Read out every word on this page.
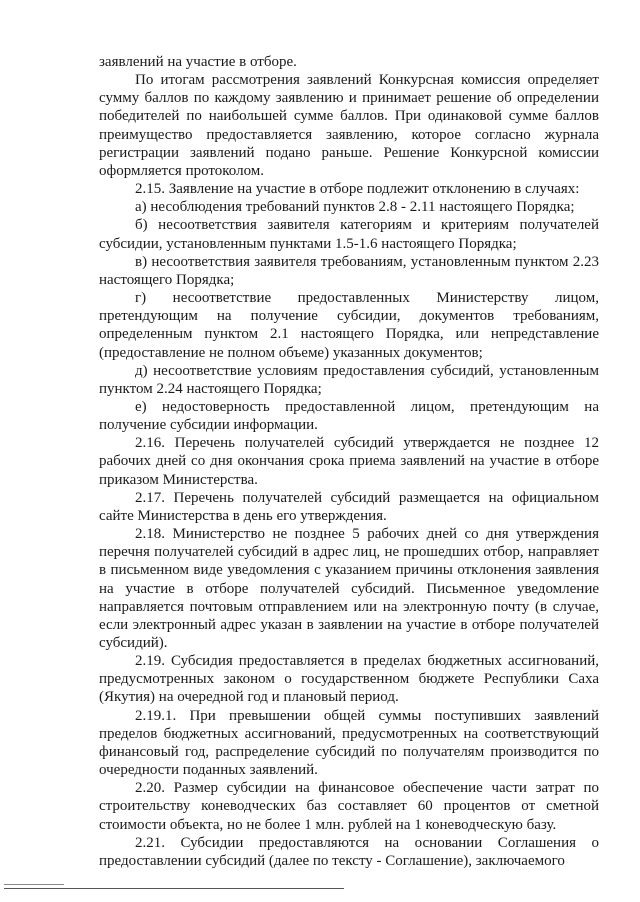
заявлений на участие в отборе.

По итогам рассмотрения заявлений Конкурсная комиссия определяет сумму баллов по каждому заявлению и принимает решение об определении победителей по наибольшей сумме баллов. При одинаковой сумме баллов преимущество предоставляется заявлению, которое согласно журнала регистрации заявлений подано раньше. Решение Конкурсной комиссии оформляется протоколом.

2.15. Заявление на участие в отборе подлежит отклонению в случаях:

а) несоблюдения требований пунктов 2.8 - 2.11 настоящего Порядка;

б) несоответствия заявителя категориям и критериям получателей субсидии, установленным пунктами 1.5-1.6 настоящего Порядка;

в) несоответствия заявителя требованиям, установленным пунктом 2.23 настоящего Порядка;

г) несоответствие предоставленных Министерству лицом, претендующим на получение субсидии, документов требованиям, определенным пунктом 2.1 настоящего Порядка, или непредставление (предоставление не полном объеме) указанных документов;

д) несоответствие условиям предоставления субсидий, установленным пунктом 2.24 настоящего Порядка;

е) недостоверность предоставленной лицом, претендующим на получение субсидии информации.

2.16. Перечень получателей субсидий утверждается не позднее 12 рабочих дней со дня окончания срока приема заявлений на участие в отборе приказом Министерства.

2.17. Перечень получателей субсидий размещается на официальном сайте Министерства в день его утверждения.

2.18. Министерство не позднее 5 рабочих дней со дня утверждения перечня получателей субсидий в адрес лиц, не прошедших отбор, направляет в письменном виде уведомления с указанием причины отклонения заявления на участие в отборе получателей субсидий. Письменное уведомление направляется почтовым отправлением или на электронную почту (в случае, если электронный адрес указан в заявлении на участие в отборе получателей субсидий).

2.19. Субсидия предоставляется в пределах бюджетных ассигнований, предусмотренных законом о государственном бюджете Республики Саха (Якутия) на очередной год и плановый период.

2.19.1. При превышении общей суммы поступивших заявлений пределов бюджетных ассигнований, предусмотренных на соответствующий финансовый год, распределение субсидий по получателям производится по очередности поданных заявлений.

2.20. Размер субсидии на финансовое обеспечение части затрат по строительству коневодческих баз составляет 60 процентов от сметной стоимости объекта, но не более 1 млн. рублей на 1 коневодческую базу.

2.21. Субсидии предоставляются на основании Соглашения о предоставлении субсидий (далее по тексту - Соглашение), заключаемого
